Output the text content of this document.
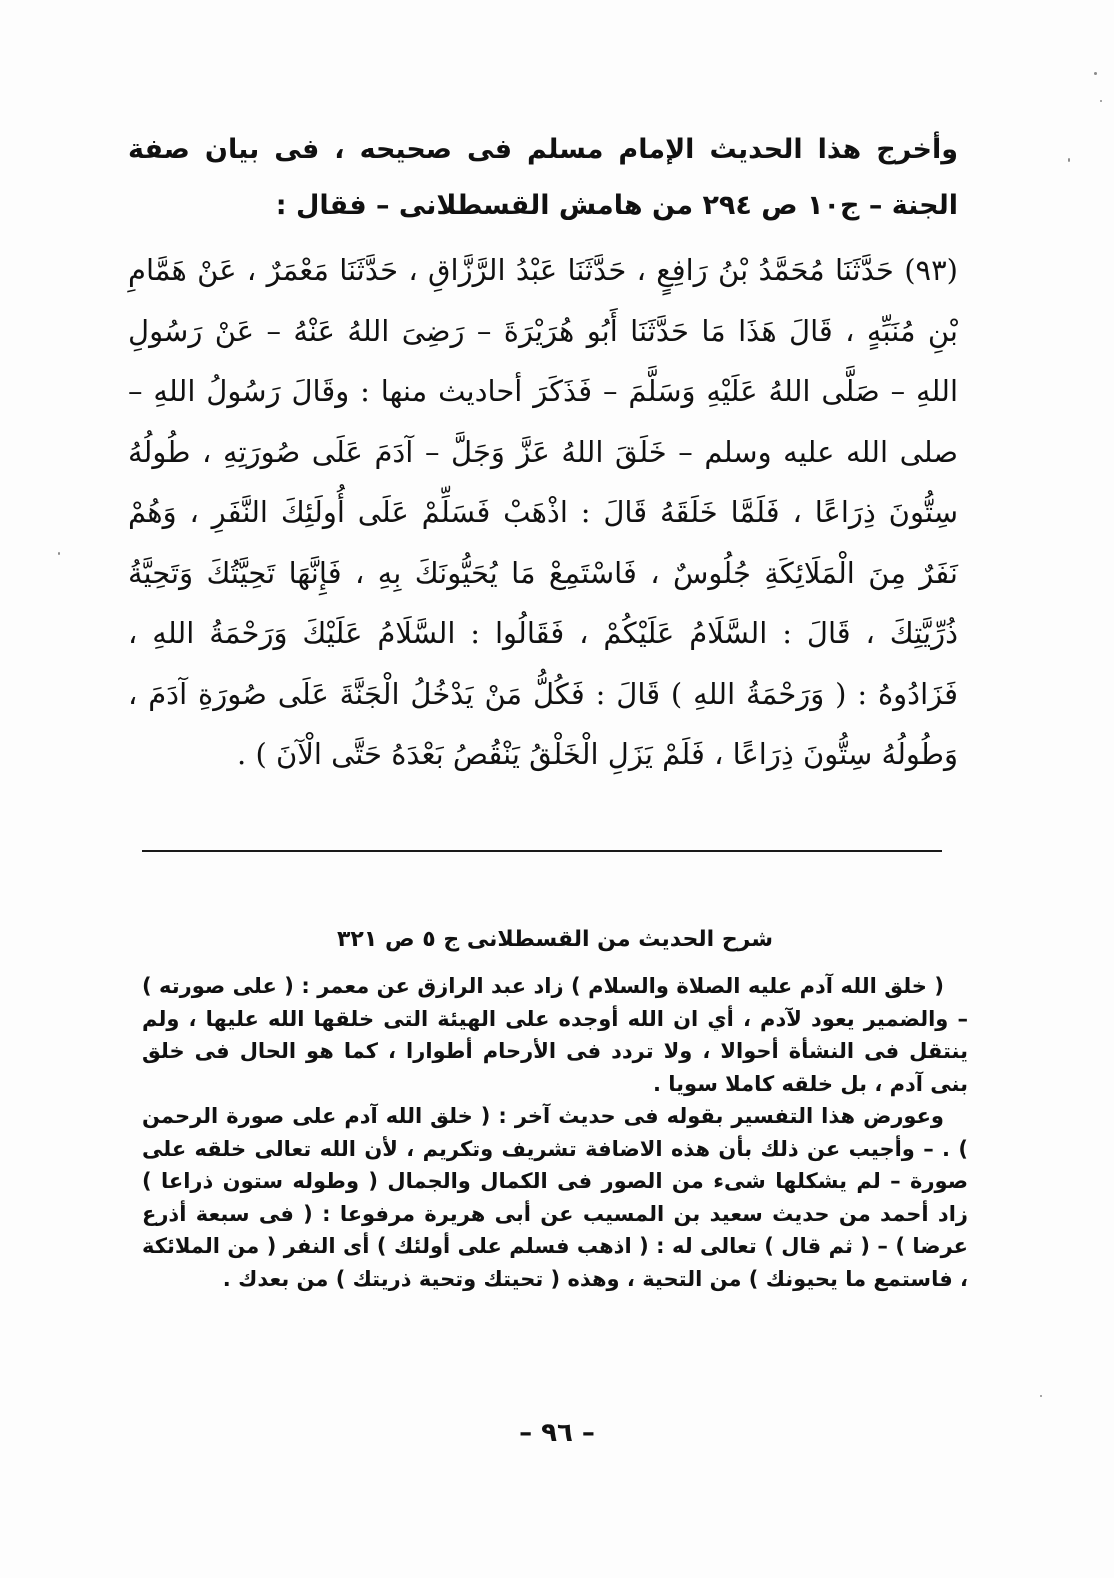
وأخرج هذا الحديث الإمام مسلم فى صحيحه ، فى بيان صفة الجنة – ج١٠ ص ٢٩٤ من هامش القسطلانى – فقال :

(٩٣) حَدَّثَنَا مُحَمَّدُ بْنُ رَافِعٍ ، حَدَّثَنَا عَبْدُ الرَّزَّاقِ ، حَدَّثَنَا مَعْمَرٌ ، عَنْ هَمَّامِ بْنِ مُنَبِّهٍ ، قَالَ هَذَا مَا حَدَّثَنَا أَبُو هُرَيْرَةَ – رَضِىَ اللهُ عَنْهُ – عَنْ رَسُولِ اللهِ – صَلَّى اللهُ عَلَيْهِ وَسَلَّمَ – فَذَكَرَ أحاديث منها : وقَالَ رَسُولُ اللهِ – صلى الله عليه وسلم – خَلَقَ اللهُ عَزَّ وَجَلَّ – آدَمَ عَلَى صُورَتِهِ ، طُولُهُ سِتُّونَ ذِرَاعًا ، فَلَمَّا خَلَقَهُ قَالَ : اذْهَبْ فَسَلِّمْ عَلَى أُولَئِكَ النَّفَرِ ، وَهُمْ نَفَرٌ مِنَ الْمَلَائِكَةِ جُلُوسٌ ، فَاسْتَمِعْ مَا يُحَيُّونَكَ بِهِ ، فَإِنَّهَا تَحِيَّتُكَ وَتَحِيَّةُ ذُرِّيَّتِكَ ، قَالَ : السَّلَامُ عَلَيْكُمْ ، فَقَالُوا : السَّلَامُ عَلَيْكَ وَرَحْمَةُ اللهِ ، فَزَادُوهُ : ( وَرَحْمَةُ اللهِ ) قَالَ : فَكُلُّ مَنْ يَدْخُلُ الْجَنَّةَ عَلَى صُورَةِ آدَمَ ، وَطُولُهُ سِتُّونَ ذِرَاعًا ، فَلَمْ يَزَلِ الْخَلْقُ يَنْقُصُ بَعْدَهُ حَتَّى الْآنَ ) .

شرح الحديث من القسطلانى ج ٥ ص ٣٢١

( خلق الله آدم عليه الصلاة والسلام ) زاد عبد الرازق عن معمر : ( على صورته ) – والضمير يعود لآدم ، أي ان الله أوجده على الهيئة التى خلقها الله عليها ، ولم ينتقل فى النشأة أحوالا ، ولا تردد فى الأرحام أطوارا ، كما هو الحال فى خلق بنى آدم ، بل خلقه كاملا سويا .

وعورض هذا التفسير بقوله فى حديث آخر : ( خلق الله آدم على صورة الرحمن ) . – وأجيب عن ذلك بأن هذه الاضافة تشريف وتكريم ، لأن الله تعالى خلقه على صورة – لم يشكلها شىء من الصور فى الكمال والجمال ( وطوله ستون ذراعا ) زاد أحمد من حديث سعيد بن المسيب عن أبى هريرة مرفوعا : ( فى سبعة أذرع عرضا ) – ( ثم قال ) تعالى له : ( اذهب فسلم على أولئك ) أى النفر ( من الملائكة ، فاستمع ما يحيونك ) من التحية ، وهذه ( تحيتك وتحية ذريتك ) من بعدك .

– ٩٦ –
